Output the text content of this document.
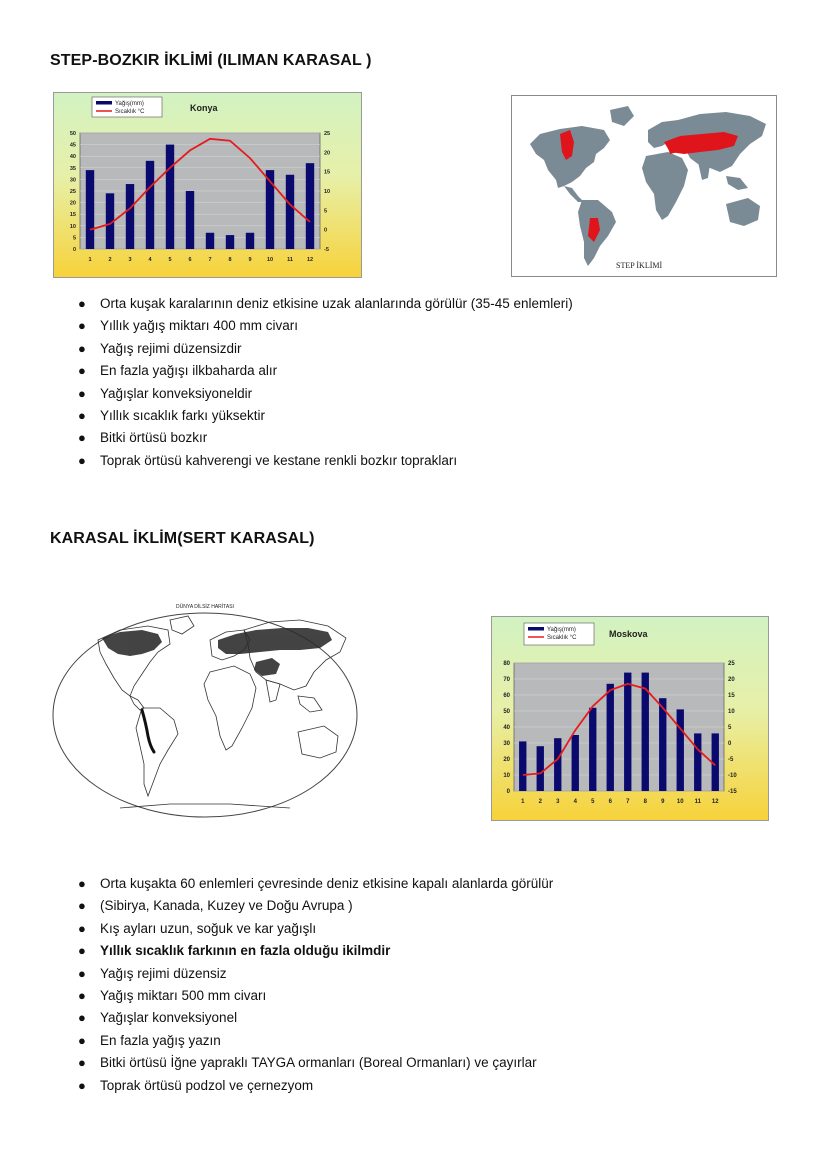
STEP-BOZKIR İKLİMİ (ILIMAN KARASAL )
0
5
10
15
20
25
30
35
40
45
50
-5
0
5
10
15
20
25
1	2	3	4	5	6	7	8	9	10	11	12
Yağış(mm)
Sıcaklık °C	Konya
STEP İKLİMİ
● Orta kuşak karalarının deniz etkisine uzak alanlarında görülür (35-45 enlemleri)
● Yıllık yağış miktarı 400 mm civarı
● Yağış rejimi düzensizdir
● En fazla yağışı ilkbaharda alır
● Yağışlar konveksiyoneldir
● Yıllık sıcaklık farkı yüksektir
● Bitki örtüsü bozkır
● Toprak örtüsü kahverengi ve kestane renkli bozkır toprakları
KARASAL İKLİM(SERT KARASAL)
DÜNYA DİLSİZ HARİTASI
0
10
20
30
40
50
60
70
80
-15
-10
-5
0
5
10
15
20
25
1 2 3 4 5 6 7 8 9 10 11 12
Yağış(mm)
Sıcaklık °C	Moskova
● Orta kuşakta 60 enlemleri çevresinde deniz etkisine kapalı alanlarda görülür
● (Sibirya, Kanada, Kuzey ve Doğu Avrupa )
● Kış ayları uzun, soğuk ve kar yağışlı
● Yıllık sıcaklık farkının en fazla olduğu ikilmdir
● Yağış rejimi düzensiz
● Yağış miktarı 500 mm civarı
● Yağışlar konveksiyonel
● En fazla yağış yazın
● Bitki örtüsü İğne yapraklı TAYGA ormanları (Boreal Ormanları) ve çayırlar
● Toprak örtüsü podzol ve çernezyom
